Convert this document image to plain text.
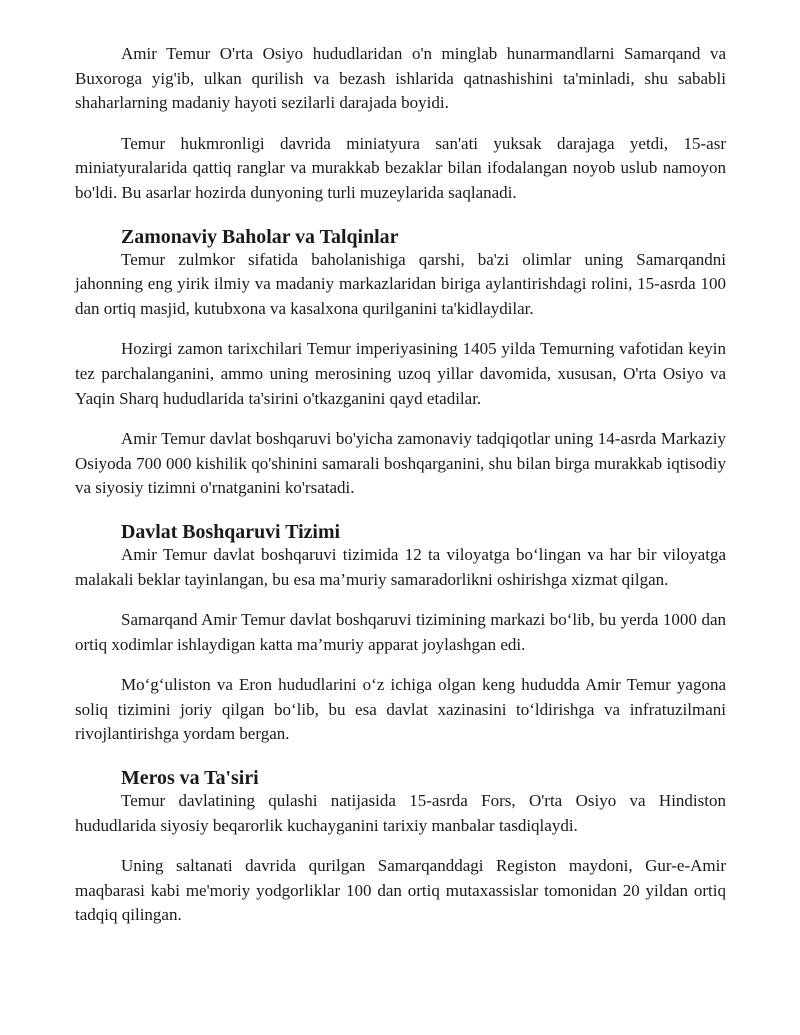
Amir Temur O'rta Osiyo hududlaridan o'n minglab hunarmandlarni Samarqand va Buxoroga yig'ib, ulkan qurilish va bezash ishlarida qatnashishini ta'minladi, shu sababli shaharlarning madaniy hayoti sezilarli darajada boyidi.

Temur hukmronligi davrida miniatyura san'ati yuksak darajaga yetdi, 15-asr miniatyuralarida qattiq ranglar va murakkab bezaklar bilan ifodalangan noyob uslub namoyon bo'ldi. Bu asarlar hozirda dunyoning turli muzeylarida saqlanadi.

Zamonaviy Baholar va Talqinlar

Temur zulmkor sifatida baholanishiga qarshi, ba'zi olimlar uning Samarqandni jahonning eng yirik ilmiy va madaniy markazlaridan biriga aylantirishdagi rolini, 15-asrda 100 dan ortiq masjid, kutubxona va kasalxona qurilganini ta'kidlaydilar.

Hozirgi zamon tarixchilari Temur imperiyasining 1405 yilda Temurning vafotidan keyin tez parchalanganini, ammo uning merosining uzoq yillar davomida, xususan, O'rta Osiyo va Yaqin Sharq hududlarida ta'sirini o'tkazganini qayd etadilar.

Amir Temur davlat boshqaruvi bo'yicha zamonaviy tadqiqotlar uning 14-asrda Markaziy Osiyoda 700 000 kishilik qo'shinini samarali boshqarganini, shu bilan birga murakkab iqtisodiy va siyosiy tizimni o'rnatganini ko'rsatadi.

Davlat Boshqaruvi Tizimi

Amir Temur davlat boshqaruvi tizimida 12 ta viloyatga bo‘lingan va har bir viloyatga malakali beklar tayinlangan, bu esa ma’muriy samaradorlikni oshirishga xizmat qilgan.

Samarqand Amir Temur davlat boshqaruvi tizimining markazi bo‘lib, bu yerda 1000 dan ortiq xodimlar ishlaydigan katta ma’muriy apparat joylashgan edi.

Mo‘g‘uliston va Eron hududlarini o‘z ichiga olgan keng hududda Amir Temur yagona soliq tizimini joriy qilgan bo‘lib, bu esa davlat xazinasini to‘ldirishga va infratuzilmani rivojlantirishga yordam bergan.

Meros va Ta'siri

Temur davlatining qulashi natijasida 15-asrda Fors, O'rta Osiyo va Hindiston hududlarida siyosiy beqarorlik kuchayganini tarixiy manbalar tasdiqlaydi.

Uning saltanati davrida qurilgan Samarqanddagi Registon maydoni, Gur-e-Amir maqbarasi kabi me'moriy yodgorliklar 100 dan ortiq mutaxassislar tomonidan 20 yildan ortiq tadqiq qilingan.
